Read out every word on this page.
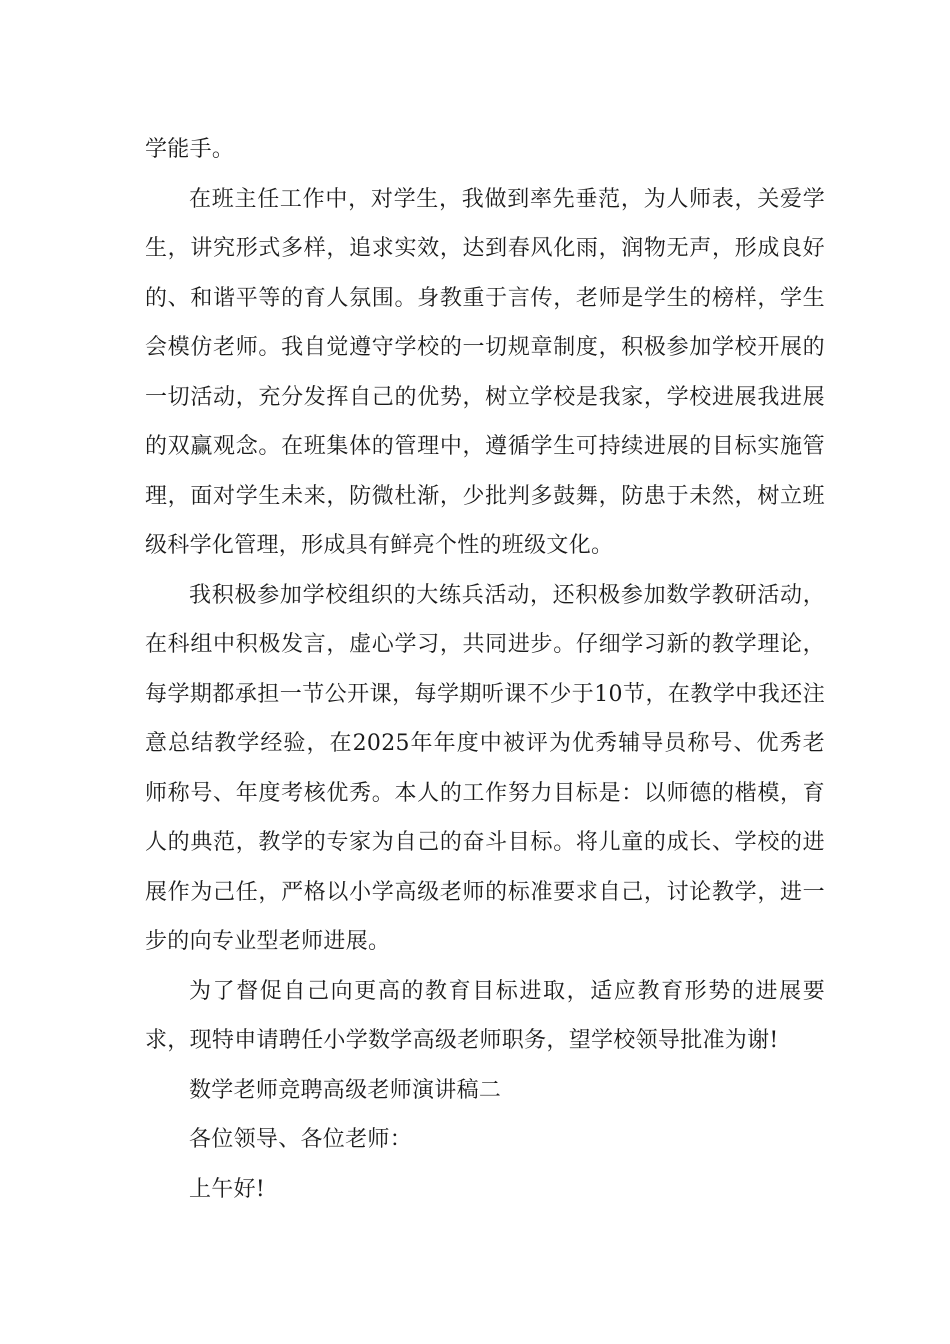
学能手。

在班主任工作中，对学生，我做到率先垂范，为人师表，关爱学生，讲究形式多样，追求实效，达到春风化雨，润物无声，形成良好的、和谐平等的育人氛围。身教重于言传，老师是学生的榜样，学生会模仿老师。我自觉遵守学校的一切规章制度，积极参加学校开展的一切活动，充分发挥自己的优势，树立学校是我家，学校进展我进展的双赢观念。在班集体的管理中，遵循学生可持续进展的目标实施管理，面对学生未来，防微杜渐，少批判多鼓舞，防患于未然，树立班级科学化管理，形成具有鲜亮个性的班级文化。

我积极参加学校组织的大练兵活动，还积极参加数学教研活动，在科组中积极发言，虚心学习，共同进步。仔细学习新的教学理论，每学期都承担一节公开课，每学期听课不少于10节，在教学中我还注意总结教学经验，在2025年年度中被评为优秀辅导员称号、优秀老师称号、年度考核优秀。本人的工作努力目标是：以师德的楷模，育人的典范，教学的专家为自己的奋斗目标。将儿童的成长、学校的进展作为己任，严格以小学高级老师的标准要求自己，讨论教学，进一步的向专业型老师进展。

为了督促自己向更高的教育目标进取，适应教育形势的进展要求，现特申请聘任小学数学高级老师职务，望学校领导批准为谢!

数学老师竞聘高级老师演讲稿二

各位领导、各位老师：

上午好!
